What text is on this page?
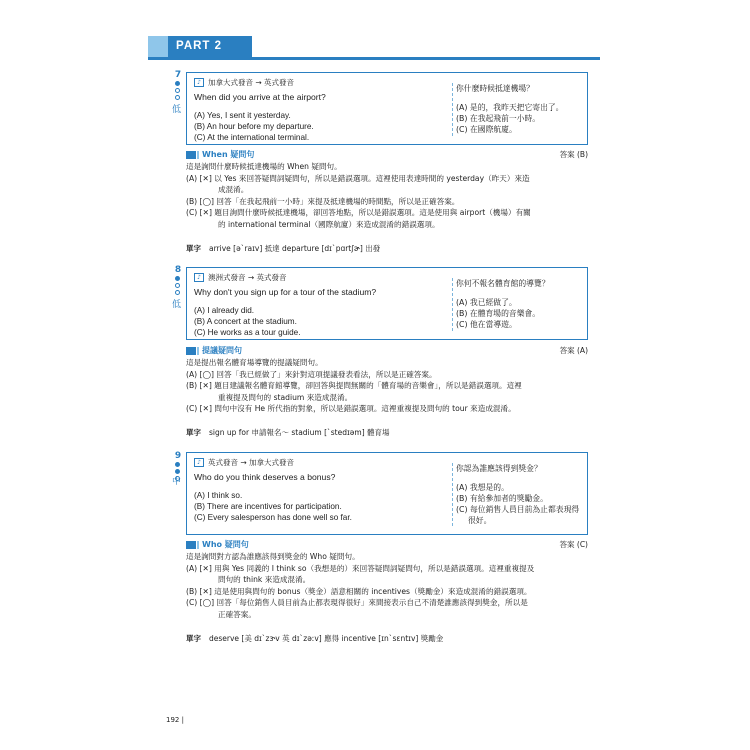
PART 2
7
低
♪ 加拿大式發音 → 英式發音
When did you arrive at the airport?
(A) Yes, I sent it yesterday.
(B) An hour before my departure.
(C) At the international terminal.
你什麼時候抵達機場？
(A) 是的，我昨天把它寄出了。
(B) 在我起飛前一小時。
(C) 在國際航廈。
When 疑問句	答案 (B)
這是詢問什麼時候抵達機場的 When 疑問句。
(A) [✕] 以 Yes 來回答疑問詞疑問句，所以是錯誤選項。這裡使用表達時間的 yesterday（昨天）來造
成混淆。
(B) [◯] 回答「在我起飛前一小時」來提及抵達機場的時間點，所以是正確答案。
(C) [✕] 題目詢問什麼時候抵達機場，卻回答地點，所以是錯誤選項。這是使用與 airport（機場）有關
的 international terminal（國際航廈）來造成混淆的錯誤選項。
單字 arrive [ə`raɪv] 抵達 departure [dɪ`pɑrtʃɚ] 出發
8
低
♪ 澳洲式發音 → 英式發音
Why don't you sign up for a tour of the stadium?
(A) I already did.
(B) A concert at the stadium.
(C) He works as a tour guide.
你何不報名體育館的導覽？
(A) 我已經做了。
(B) 在體育場的音樂會。
(C) 他在當導遊。
提議疑問句	答案 (A)
這是提出報名體育場導覽的提議疑問句。
(A) [◯] 回答「我已經做了」來針對這項提議發表看法，所以是正確答案。
(B) [✕] 題目建議報名體育館導覽，卻回答與提問無關的「體育場的音樂會」，所以是錯誤選項。這裡
重複提及問句的 stadium 來造成混淆。
(C) [✕] 問句中沒有 He 所代指的對象，所以是錯誤選項。這裡重複提及問句的 tour 來造成混淆。
單字 sign up for 申請報名～ stadium [`stedɪəm] 體育場
9
中
♪ 英式發音 → 加拿大式發音
Who do you think deserves a bonus?
(A) I think so.
(B) There are incentives for participation.
(C) Every salesperson has done well so far.
你認為誰應該得到獎金？
(A) 我想是的。
(B) 有給參加者的獎勵金。
(C) 每位銷售人員目前為止都表現得
很好。
Who 疑問句	答案 (C)
這是詢問對方認為誰應該得到獎金的 Who 疑問句。
(A) [✕] 用與 Yes 同義的 I think so（我想是的）來回答疑問詞疑問句，所以是錯誤選項。這裡重複提及
問句的 think 來造成混淆。
(B) [✕] 這是使用與問句的 bonus（獎金）語意相關的 incentives（獎勵金）來造成混淆的錯誤選項。
(C) [◯] 回答「每位銷售人員目前為止都表現得很好」來間接表示自己不清楚誰應該得到獎金，所以是
正確答案。
單字 deserve [美 dɪ`zɝv 英 dɪ`zəːv] 應得 incentive [ɪn`sɛntɪv] 獎勵金
192 |
